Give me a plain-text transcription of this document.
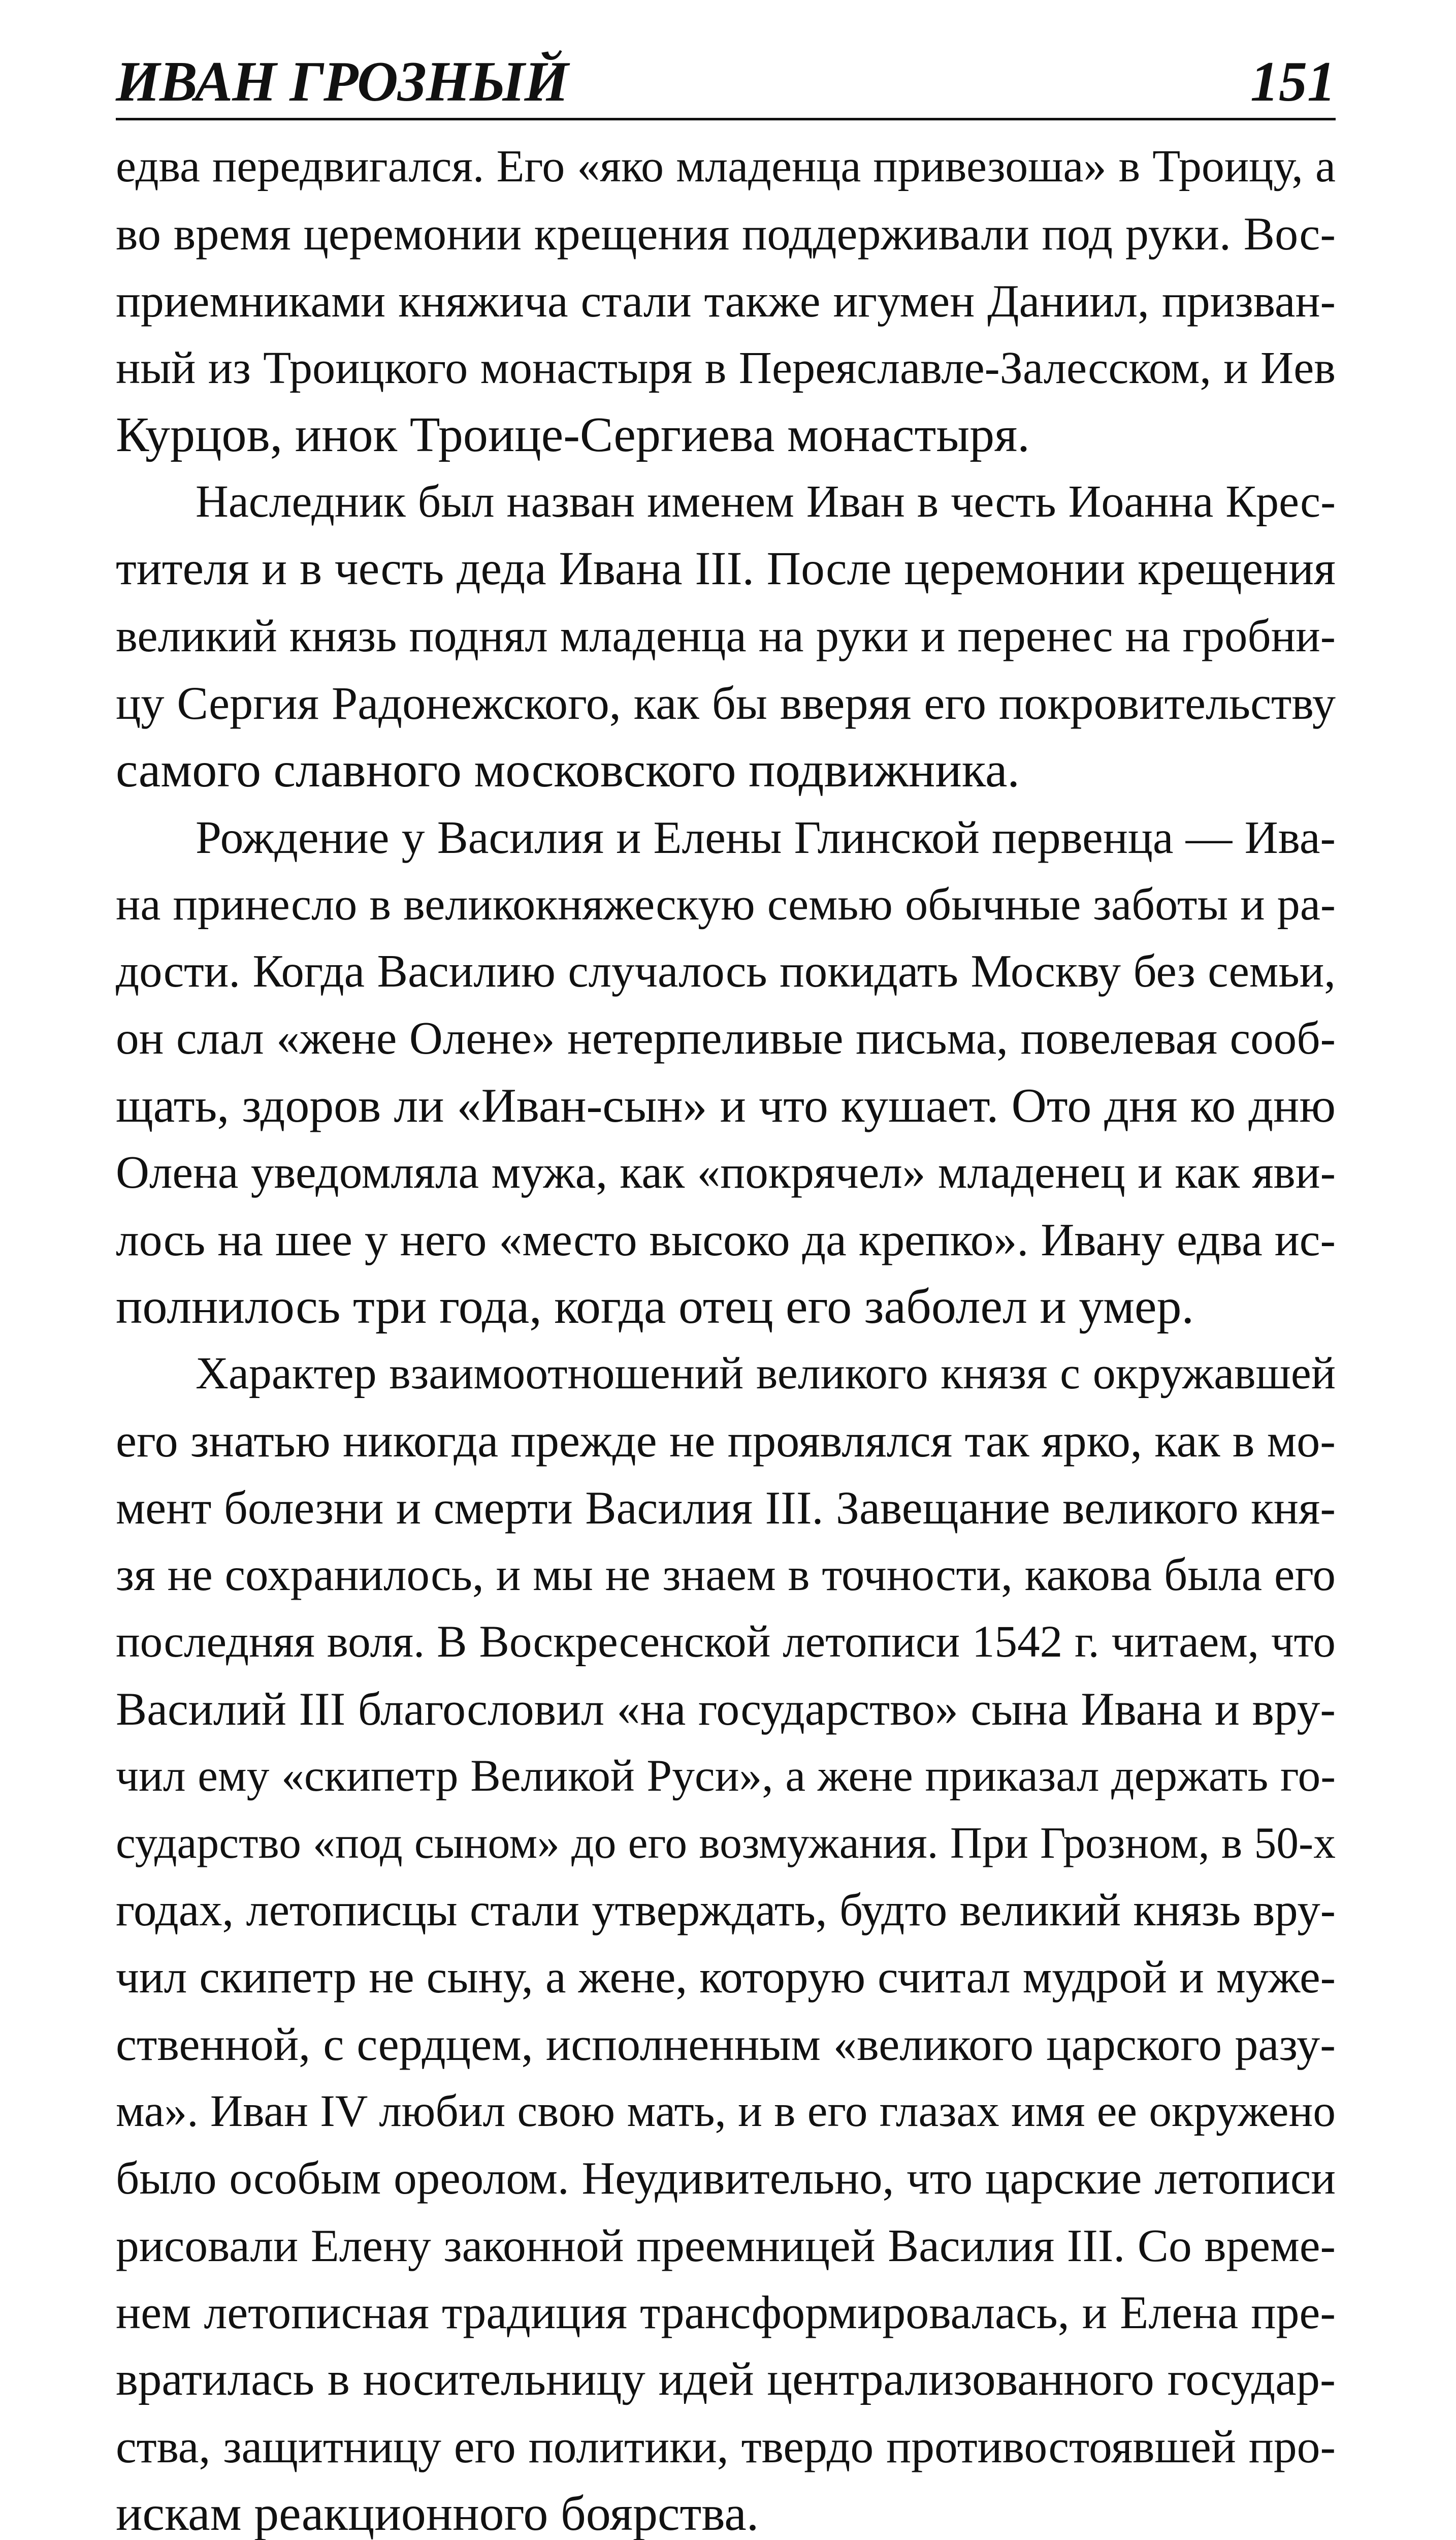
ИВАН ГРОЗНЫЙ	151
едва передвигался. Его «яко младенца привезоша» в Троицу, а
во время церемонии крещения поддерживали под руки. Вос-
приемниками княжича стали также игумен Даниил, призван-
ный из Троицкого монастыря в Переяславле-Залесском, и Иев
Курцов, инок Троице-Сергиева монастыря.
Наследник был назван именем Иван в честь Иоанна Крес-
тителя и в честь деда Ивана III. После церемонии крещения
великий князь поднял младенца на руки и перенес на гробни-
цу Сергия Радонежского, как бы вверяя его покровительству
самого славного московского подвижника.
Рождение у Василия и Елены Глинской первенца — Ива-
на принесло в великокняжескую семью обычные заботы и ра-
дости. Когда Василию случалось покидать Москву без семьи,
он слал «жене Олене» нетерпеливые письма, повелевая сооб-
щать, здоров ли «Иван-сын» и что кушает. Ото дня ко дню
Олена уведомляла мужа, как «покрячел» младенец и как яви-
лось на шее у него «место высоко да крепко». Ивану едва ис-
полнилось три года, когда отец его заболел и умер.
Характер взаимоотношений великого князя с окружавшей
его знатью никогда прежде не проявлялся так ярко, как в мо-
мент болезни и смерти Василия III. Завещание великого кня-
зя не сохранилось, и мы не знаем в точности, какова была его
последняя воля. В Воскресенской летописи 1542 г. читаем, что
Василий III благословил «на государство» сына Ивана и вру-
чил ему «скипетр Великой Руси», а жене приказал держать го-
сударство «под сыном» до его возмужания. При Грозном, в 50-х
годах, летописцы стали утверждать, будто великий князь вру-
чил скипетр не сыну, а жене, которую считал мудрой и муже-
ственной, с сердцем, исполненным «великого царского разу-
ма». Иван IV любил свою мать, и в его глазах имя ее окружено
было особым ореолом. Неудивительно, что царские летописи
рисовали Елену законной преемницей Василия III. Со време-
нем летописная традиция трансформировалась, и Елена пре-
вратилась в носительницу идей централизованного государ-
ства, защитницу его политики, твердо противостоявшей про-
искам реакционного боярства.
